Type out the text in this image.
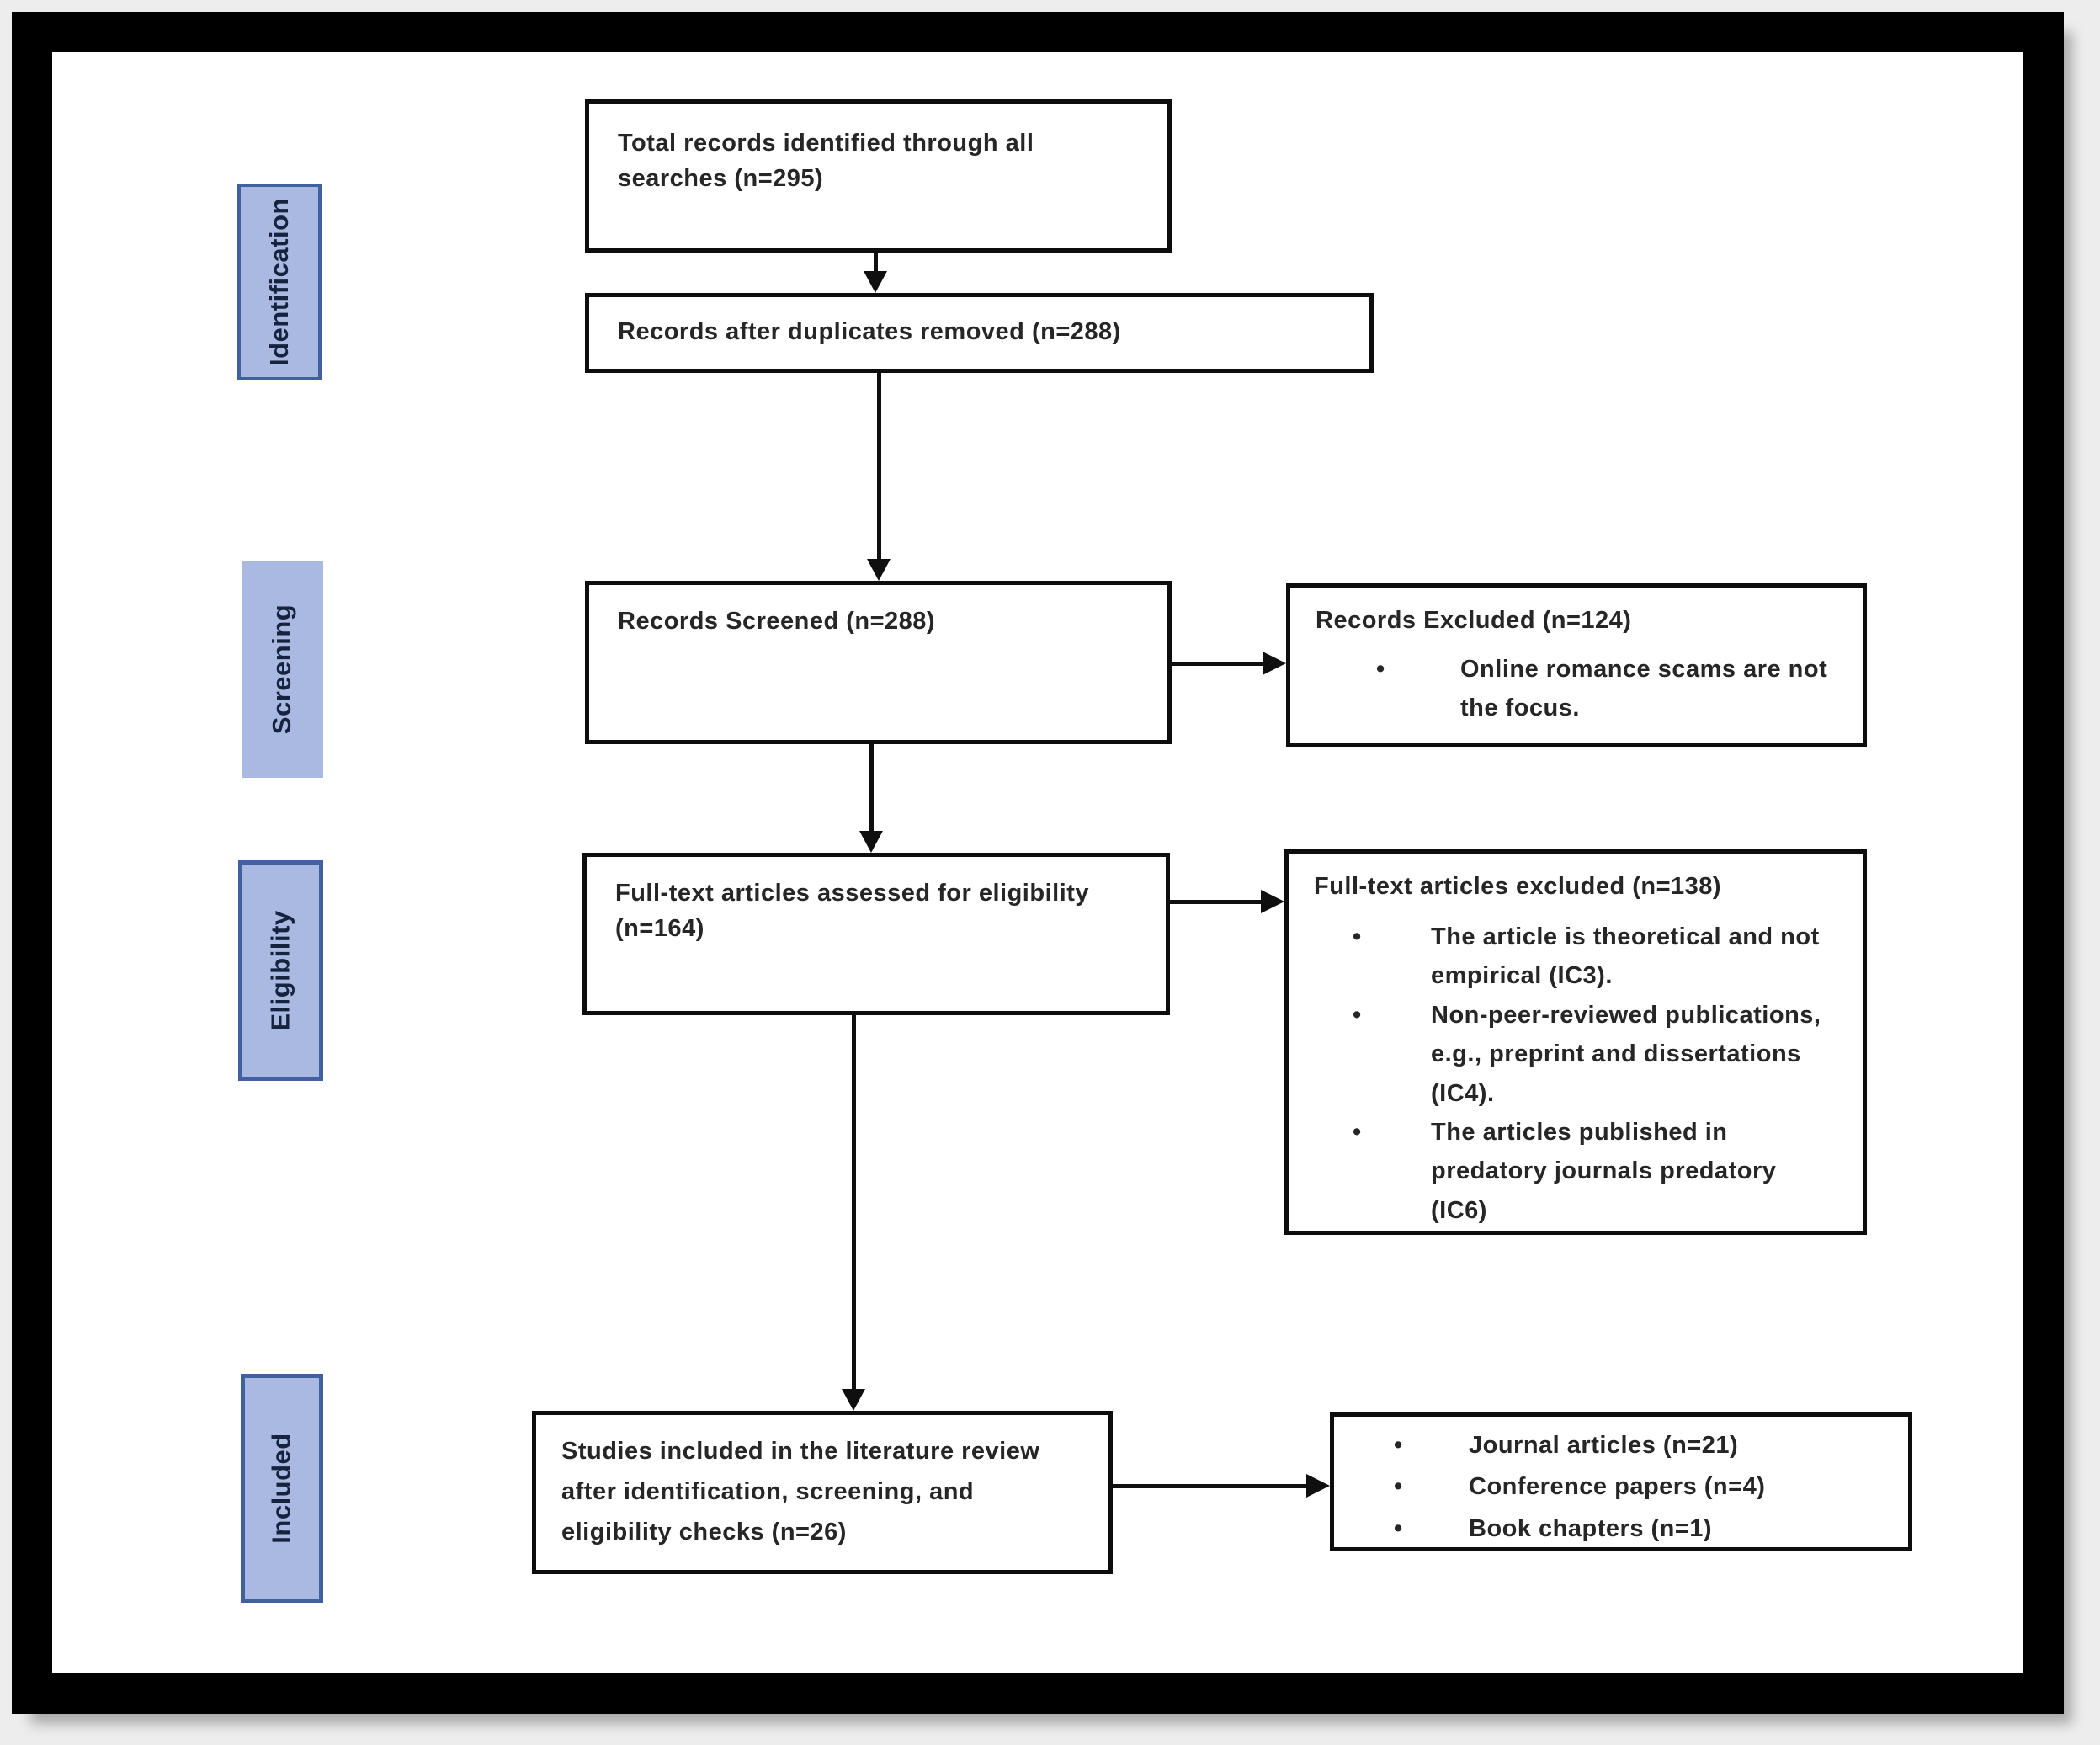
Identification
Screening
Eligibility
Included
Total records identified through all searches (n=295)
Records after duplicates removed (n=288)
Records Screened (n=288)	Records Excluded (n=124)
• Online romance scams are not the focus.
Full-text articles assessed for eligibility (n=164)
Full-text articles excluded (n=138)
• The article is theoretical and not empirical (IC3).
• Non-peer-reviewed publications, e.g., preprint and dissertations (IC4).
• The articles published in predatory journals predatory (IC6)
Studies included in the literature review after identification, screening, and eligibility checks (n=26)
• Journal articles (n=21)
• Conference papers (n=4)
• Book chapters (n=1)
